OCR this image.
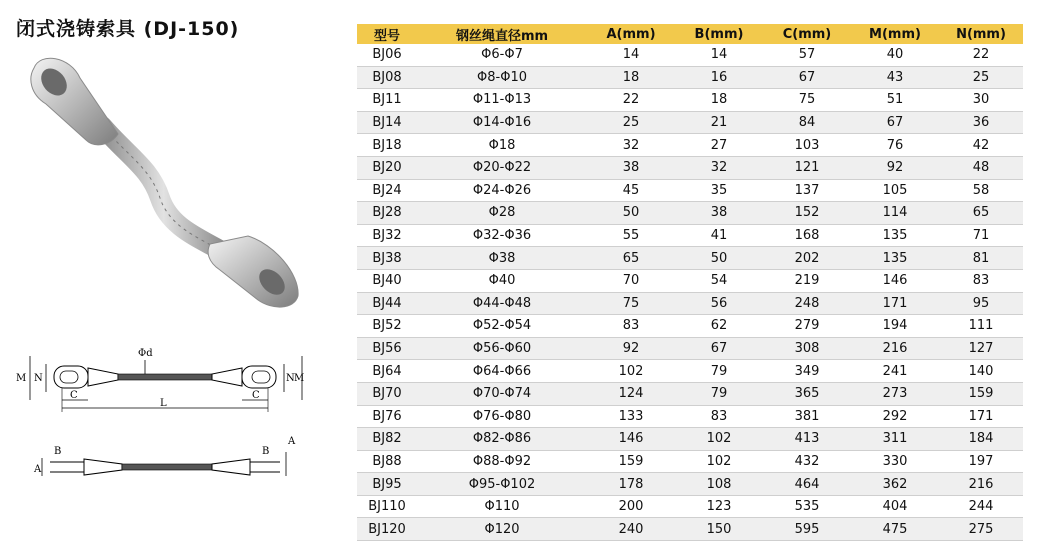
闭式浇铸索具 (DJ-150)
Φd
M N	N M
C	C
L
A
B	B
A
型号	钢丝绳直径mm	A(mm)	B(mm)	C(mm)	M(mm)	N(mm)
BJ06	Φ6-Φ7	14	14	57	40	22
BJ08	Φ8-Φ10	18	16	67	43	25
BJ11	Φ11-Φ13	22	18	75	51	30
BJ14	Φ14-Φ16	25	21	84	67	36
BJ18	Φ18	32	27	103	76	42
BJ20	Φ20-Φ22	38	32	121	92	48
BJ24	Φ24-Φ26	45	35	137	105	58
BJ28	Φ28	50	38	152	114	65
BJ32	Φ32-Φ36	55	41	168	135	71
BJ38	Φ38	65	50	202	135	81
BJ40	Φ40	70	54	219	146	83
BJ44	Φ44-Φ48	75	56	248	171	95
BJ52	Φ52-Φ54	83	62	279	194	111
BJ56	Φ56-Φ60	92	67	308	216	127
BJ64	Φ64-Φ66	102	79	349	241	140
BJ70	Φ70-Φ74	124	79	365	273	159
BJ76	Φ76-Φ80	133	83	381	292	171
BJ82	Φ82-Φ86	146	102	413	311	184
BJ88	Φ88-Φ92	159	102	432	330	197
BJ95	Φ95-Φ102	178	108	464	362	216
BJ110	Φ110	200	123	535	404	244
BJ120	Φ120	240	150	595	475	275
